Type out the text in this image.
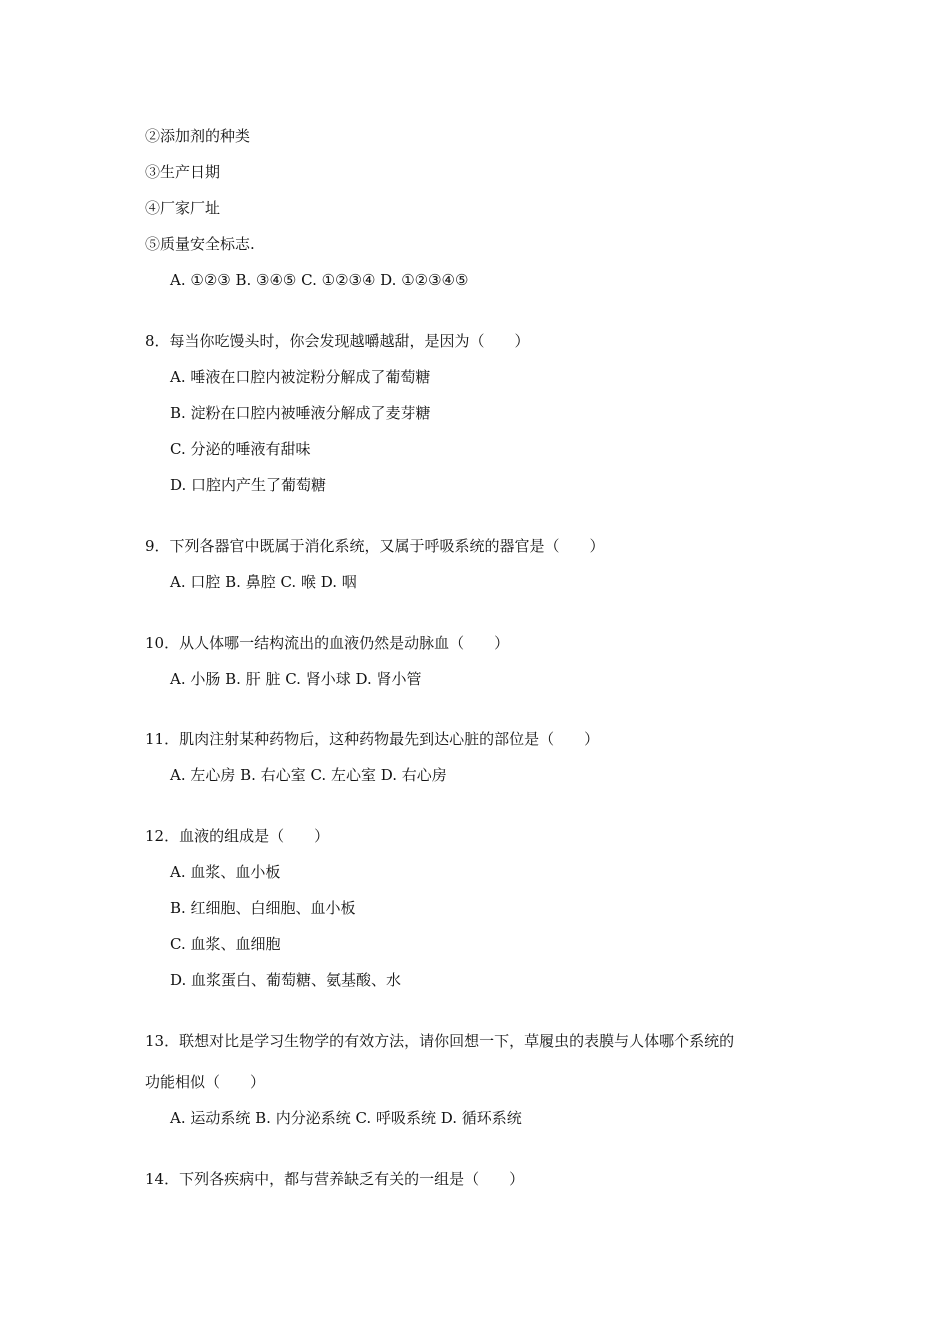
②添加剂的种类
③生产日期
④厂家厂址
⑤质量安全标志.
A. ①②③ B. ③④⑤ C. ①②③④ D. ①②③④⑤
8．每当你吃馒头时，你会发现越嚼越甜，是因为（　　）
A. 唾液在口腔内被淀粉分解成了葡萄糖
B. 淀粉在口腔内被唾液分解成了麦芽糖
C. 分泌的唾液有甜味
D. 口腔内产生了葡萄糖
9．下列各器官中既属于消化系统，又属于呼吸系统的器官是（　　）
A. 口腔 B. 鼻腔 C. 喉 D. 咽
10．从人体哪一结构流出的血液仍然是动脉血（　　）
A. 小肠 B. 肝 脏 C. 肾小球 D. 肾小管
11．肌肉注射某种药物后，这种药物最先到达心脏的部位是（　　）
A. 左心房 B. 右心室 C. 左心室 D. 右心房
12．血液的组成是（　　）
A. 血浆、血小板
B. 红细胞、白细胞、血小板
C. 血浆、血细胞
D. 血浆蛋白、葡萄糖、氨基酸、水
13．联想对比是学习生物学的有效方法，请你回想一下，草履虫的表膜与人体哪个系统的
功能相似（　　）
A. 运动系统 B. 内分泌系统 C. 呼吸系统 D. 循环系统
14．下列各疾病中，都与营养缺乏有关的一组是（　　）
